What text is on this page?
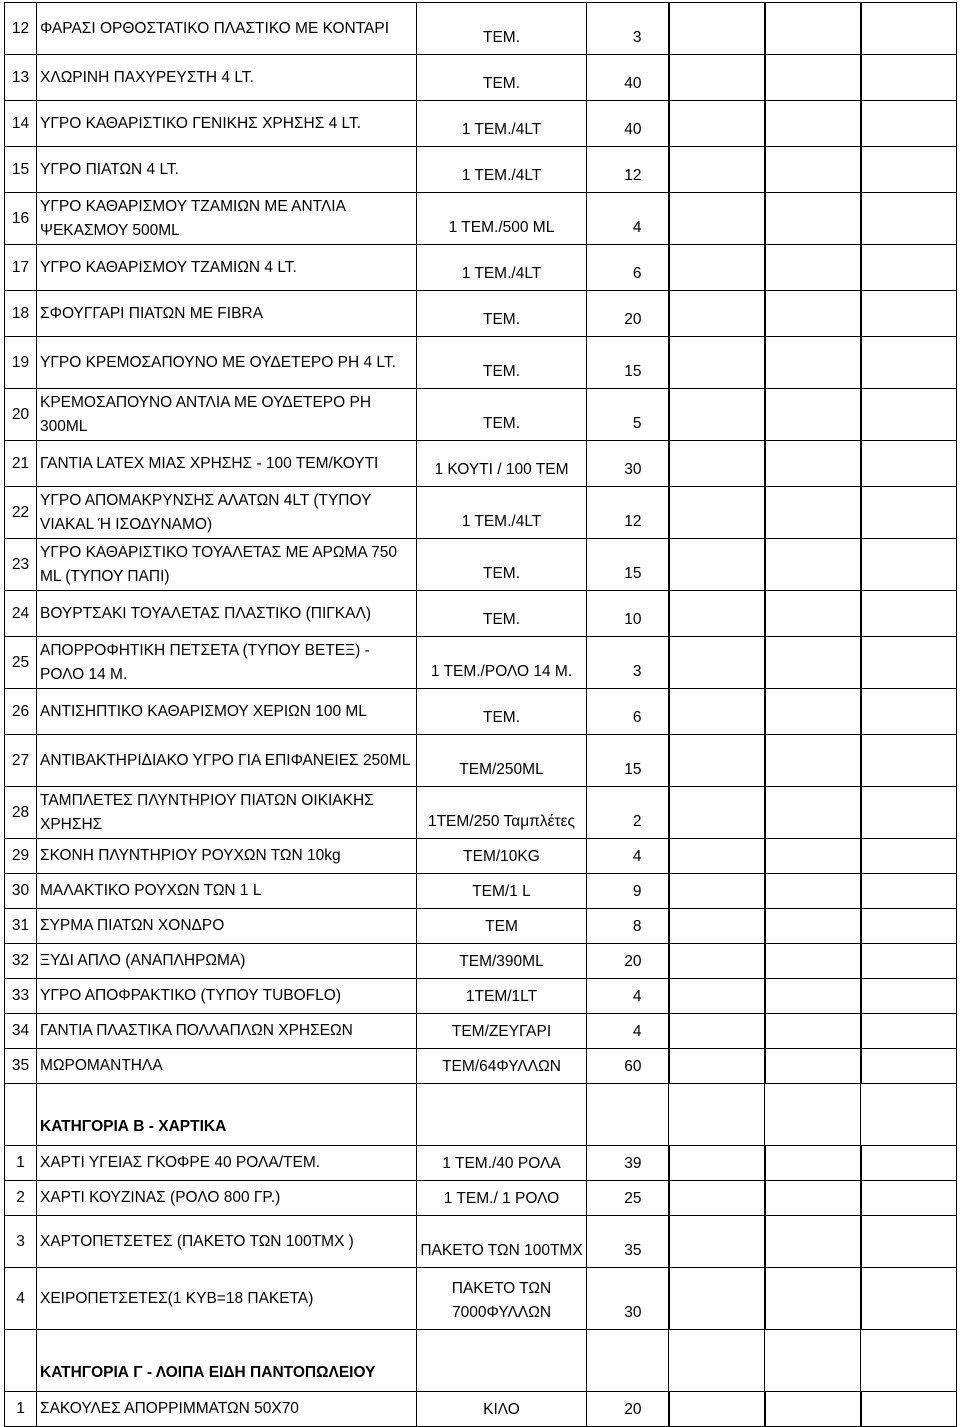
12	ΦΑΡΑΣΙ ΟΡΘΟΣΤΑΤΙΚΟ ΠΛΑΣΤΙΚΟ ΜΕ ΚΟΝΤΑΡΙ	ΤΕΜ.	3			
13	ΧΛΩΡΙΝΗ ΠΑΧΥΡΕΥΣΤΗ 4 LT.	ΤΕΜ.	40			
14	ΥΓΡΟ ΚΑΘΑΡΙΣΤΙΚΟ ΓΕΝΙΚΗΣ ΧΡΗΣΗΣ 4 LT.	1 ΤΕΜ./4LT	40			
15	ΥΓΡΟ ΠΙΑΤΩΝ 4 LT.	1 ΤΕΜ./4LT	12			
16	ΥΓΡΟ ΚΑΘΑΡΙΣΜΟΥ ΤΖΑΜΙΩΝ ΜΕ ΑΝΤΛΙΑ ΨΕΚΑΣΜΟΥ 500ML	1 ΤΕΜ./500 ML	4			
17	ΥΓΡΟ ΚΑΘΑΡΙΣΜΟΥ ΤΖΑΜΙΩΝ 4 LT.	1 ΤΕΜ./4LT	6			
18	ΣΦΟΥΓΓΑΡΙ ΠΙΑΤΩΝ ΜΕ FIBRA	ΤΕΜ.	20			
19	ΥΓΡΟ ΚΡΕΜΟΣΑΠΟΥΝΟ ΜΕ ΟΥΔΕΤΕΡΟ PH 4 LT.	ΤΕΜ.	15			
20	ΚΡΕΜΟΣΑΠΟΥΝΟ ΑΝΤΛΙΑ ΜΕ ΟΥΔΕΤΕΡΟ PH 300ML	ΤΕΜ.	5			
21	ΓΑΝΤΙΑ LATEX ΜΙΑΣ ΧΡΗΣΗΣ - 100 ΤΕΜ/ΚΟΥΤΙ	1 ΚΟΥΤΙ / 100 ΤΕΜ	30			
22	ΥΓΡΟ ΑΠΟΜΑΚΡΥΝΣΗΣ ΑΛΑΤΩΝ 4LT (ΤΥΠΟΥ VIAKAL Ή ΙΣΟΔΥΝΑΜΟ)	1 ΤΕΜ./4LT	12			
23	ΥΓΡΟ ΚΑΘΑΡΙΣΤΙΚΟ ΤΟΥΑΛΕΤΑΣ ΜΕ ΑΡΩΜΑ 750 ML (ΤΥΠΟΥ ΠΑΠΙ)	ΤΕΜ.	15			
24	ΒΟΥΡΤΣΑΚΙ ΤΟΥΑΛΕΤΑΣ ΠΛΑΣΤΙΚΟ (ΠΙΓΚΑΛ)	ΤΕΜ.	10			
25	ΑΠΟΡΡΟΦΗΤΙΚΗ ΠΕΤΣΕΤΑ (ΤΥΠΟΥ ΒΕΤΕΞ) - ΡΟΛΟ 14 Μ.	1 ΤΕΜ./ΡΟΛΟ 14 Μ.	3			
26	ΑΝΤΙΣΗΠΤΙΚΟ ΚΑΘΑΡΙΣΜΟΥ ΧΕΡΙΩΝ 100 ML	ΤΕΜ.	6			
27	ΑΝΤΙΒΑΚΤΗΡΙΔΙΑΚΟ ΥΓΡΟ ΓΙΑ ΕΠΙΦΑΝΕΙΕΣ 250ML	ΤΕΜ/250ML	15			
28	ΤΑΜΠΛΕΤΕΣ ΠΛΥΝΤΗΡΙΟΥ ΠΙΑΤΩΝ ΟΙΚΙΑΚΗΣ ΧΡΗΣΗΣ	1ΤΕΜ/250 Ταμπλέτες	2			
29	ΣΚΟΝΗ ΠΛΥΝΤΗΡΙΟΥ ΡΟΥΧΩΝ ΤΩΝ 10kg	ΤΕΜ/10KG	4			
30	ΜΑΛΑΚΤΙΚΟ ΡΟΥΧΩΝ ΤΩΝ 1 L	ΤΕΜ/1 L	9			
31	ΣΥΡΜΑ ΠΙΑΤΩΝ ΧΟΝΔΡΟ	ΤΕΜ	8			
32	ΞΥΔΙ ΑΠΛΟ (ΑΝΑΠΛΗΡΩΜΑ)	ΤΕΜ/390ML	20			
33	ΥΓΡΟ ΑΠΟΦΡΑΚΤΙΚΟ (ΤΥΠΟΥ TUBOFLO)	1ΤΕΜ/1LT	4			
34	ΓΑΝΤΙΑ ΠΛΑΣΤΙΚΑ ΠΟΛΛΑΠΛΩΝ ΧΡΗΣΕΩΝ	ΤΕΜ/ΖΕΥΓΑΡΙ	4			
35	ΜΩΡΟΜΑΝΤΗΛΑ	ΤΕΜ/64ΦΥΛΛΩΝ	60			
	ΚΑΤΗΓΟΡΙΑ Β - ΧΑΡΤΙΚΑ					
1	ΧΑΡΤΙ ΥΓΕΙΑΣ ΓΚΟΦΡΕ 40 ΡΟΛΑ/ΤΕΜ.	1 ΤΕΜ./40 ΡΟΛΑ	39			
2	ΧΑΡΤΙ ΚΟΥΖΙΝΑΣ (ΡΟΛΟ 800 ΓΡ.)	1 ΤΕΜ./ 1 ΡΟΛΟ	25			
3	ΧΑΡΤΟΠΕΤΣΕΤΕΣ (ΠΑΚΕΤΟ ΤΩΝ 100ΤΜΧ )	ΠΑΚΕΤΟ ΤΩΝ 100ΤΜΧ	35			
4	ΧΕΙΡΟΠΕΤΣΕΤΕΣ(1 ΚΥΒ=18 ΠΑΚΕΤΑ)	ΠΑΚΕΤΟ ΤΩΝ 7000ΦΥΛΛΩΝ	30			
	ΚΑΤΗΓΟΡΙΑ Γ - ΛΟΙΠΑ ΕΙΔΗ ΠΑΝΤΟΠΩΛΕΙΟΥ					
1	ΣΑΚΟΥΛΕΣ ΑΠΟΡΡΙΜΜΑΤΩΝ 50Χ70	ΚΙΛΟ	20			
